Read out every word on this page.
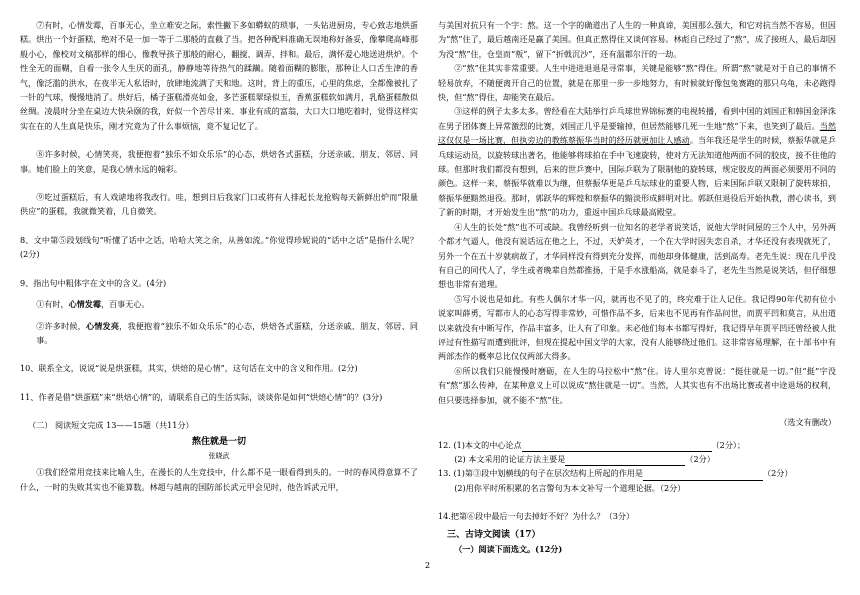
⑦有时，心情发霉，百事无心，坐立难安之际，索性撇下多如蟒蚁的琐事，一头钻进厨房，专心致志地烘蛋糕。烘出一个好蛋糕，绝对不是一加一等于二那般的直截了当。把各种配料准确无误地称好备妥，像攀爬高峰那般小心，像校对文稿那样的细心，像教导孩子那般的耐心，翻搅、调弄、拌和。最后，满怀爱心地送进烘炉。个性全无的面糊，自看一张令人生厌的面孔，静静地等待热气的蹂躏。随着面糊的膨胀，那种让人口舌生津的香气，像泛滥的洪水，在夜半无人私语时，放肆地流满了天和地。这时，背上的重压，心里的焦虑，全都像被扎了一针的气球，慢慢地消了。烘好后，橘子蛋糕滑亮如金，多芒蛋糕翠绿似玉，香蕉蛋糕软如满月，乳酪蛋糕散似丝绸。凌晨时分坐在桌边大快朵颐的我，好似一个苦尽甘来、事业有成的富翁，大口大口地吃着时，觉得这样实实在在的人生真是快乐，刚才究竟为了什么事烦恼，竟不复记忆了。

⑧许多时候，心情笑亮，我便抱着“独乐不如众乐乐”的心态，烘焙各式蛋糕，分送亲戚、朋友、邻居、同事。她们脸上的笑意，是我心情永远的翰彩。

⑨吃过蛋糕后，有人戏谑地将我改行。哇，想到日后我家门口或将有人排起长龙抢购每天新鲜出炉而“限量供应”的蛋糕，我就微笑着，几自微笑。

8、文中第⑤段划线句“听懂了话中之话，哈哈大笑之余，从善如流。”你觉得珍妮说的“话中之话”是指什么呢？(2分)

9、指出句中粗体字在文中的含义。(4分)

①有时，心情发霉，百事无心。

②许多时候，心情发亮，我便抱着“独乐不如众乐乐”的心态，烘焙各式蛋糕，分送亲戚、朋友、邻居、同事。

10、联系全文，说说“说是烘蛋糕，其实，烘焙的是心情”，这句话在文中的含义和作用。(2分)

11、作者是借“烘蛋糕”来“烘焙心情”的，请联系自己的生活实际，谈谈你是如何“烘焙心情”的？(3分)

（二） 阅读短文完成 13——15题（共11分）

熬住就是一切

张晓武

①我们经常用竞技来比喻人生，在漫长的人生竞技中，什么都不是一眼看得到头的。一时的春风得意算不了什么，一时的失败其实也不能算数。林超与越南的国防部长武元甲会见时，他告诉武元甲，

与美国对抗只有一个字：熬。这一个字的确道出了人生的一种真谛，美国那么强大，和它对抗当然不容易，但因为“熬”住了，最后越南还是赢了美国。但真正熬得住又谈何容易。林彪自己经过了“熬”，成了接班人，最后却因为没“熬”住，仓皇而“叛”，留下“折戟沉沙”，还有温都尔汗的一劫。

②“熬”住其实非常重要。人生中进进退退是寻常事，关键是能够“熬”得住。所谓“熬”就是对于自己的事情不轻易放弃，不随便离开自己的位置，就是在那里一步一步地努力，有时候就好像包兔赛跑的那只乌龟，未必跑得快，但“熬”得住，却能笑在最后。

③这样的例子太多太多。曾经看在大陆举行乒乓球世界锦标赛的电视转播，看到中国的刘国正和韩国金泽洙在男子团体赛上异常激烈的比赛，刘国正几乎是要输掉，但居然能够几死一生地“熬”下来，也笑到了最后。当然这仅仅是一场比赛，但执旁边的教练蔡振华当时的经历就更加让人感动。当年我还是学生的时候，蔡振华就是乒乓球运动员，以旋转球出著名，他能够将球拍在手中飞速旋转，使对方无法知道他两面不同的胶皮，接不住他的球。但那时我们都没有想到，后来的世乒赛中，国际乒联为了限制他的旋转球，规定胶皮的两面必须要用不同的颜色。这样一来，蔡振华就难以为继，但蔡振华更是乒乓坛球业的重要人物，后来国际乒联又限制了旋转球拍，蔡振华便黯然退役。那时，郭跃华的辉煌和蔡振华的黯淡形成鲜明对比。郭跃但退役后开始执教，潜心读书，到了新的时期，才开始发生出“熬”的功力，重返中国乒乓球最高殿堂。

④人生的长处“熬”也不可或缺。我曾经听到一位知名的老学者说笑话，说他大学时同屋的三个人中，另外两个都才气逼人，他没有说话远在他之上，不过，天妒英才，一个在大学时因失恋自杀，才华还没有表现就死了，另外一个在五十岁就病故了，才华同样没有得到充分发挥，而他却身体健康，活到高寿。老先生说：现在几乎没有自己的同代人了，学生或者晚辈自然都推扬，于是手水涨船高，就是泰斗了，老先生当然是说笑话，但仔细想想也非常有道理。

⑤写小说也是如此。有些人偶尔才华一闪，就再也不见了的，终究难于让人记住。我记得90年代初有位小说家叫薛勇，写都市人的心态写得非常妙，可惜作品不多，后来也不见再有作品问世，而贾平凹和莫言，从出道以来就没有中断写作，作品丰富多，让人有了印象。未必他们每本书都写得好，我记得早年贾平凹还曾经被人批评过有性描写而遭到批评，但现在提起中国文学的大家，没有人能够绕过他们。这非常容易理解，在十部书中有两部杰作的概率总比仅仅两部大得多。

⑥所以我们只能慢慢时磨砺，在人生的马拉松中“熬”住。诗人里尔克曾说：“挺住就是一切。”但“挺”字没有“熬”那么传神，在某种意义上可以说成“熬住就是一切”。当然，人其实也有不出场比赛或者中途退场的权利，但只要选择参加，就不能不“熬”住。

（选文有删改）

12. (1)本文的中心论点	（2分）；

(2) 本文采用的论证方法主要是	（2分）

13. (1)第③段中划横线的句子在层次结构上所起的作用是	（2分）

(2)用你平时所积累的名言警句为本文补写一个道理论据。（2分）

14.把第⑥段中最后一句去掉好不好？为什么？（3分）

三、古诗文阅读（17）

（一）阅读下面选文。(12分)

2
